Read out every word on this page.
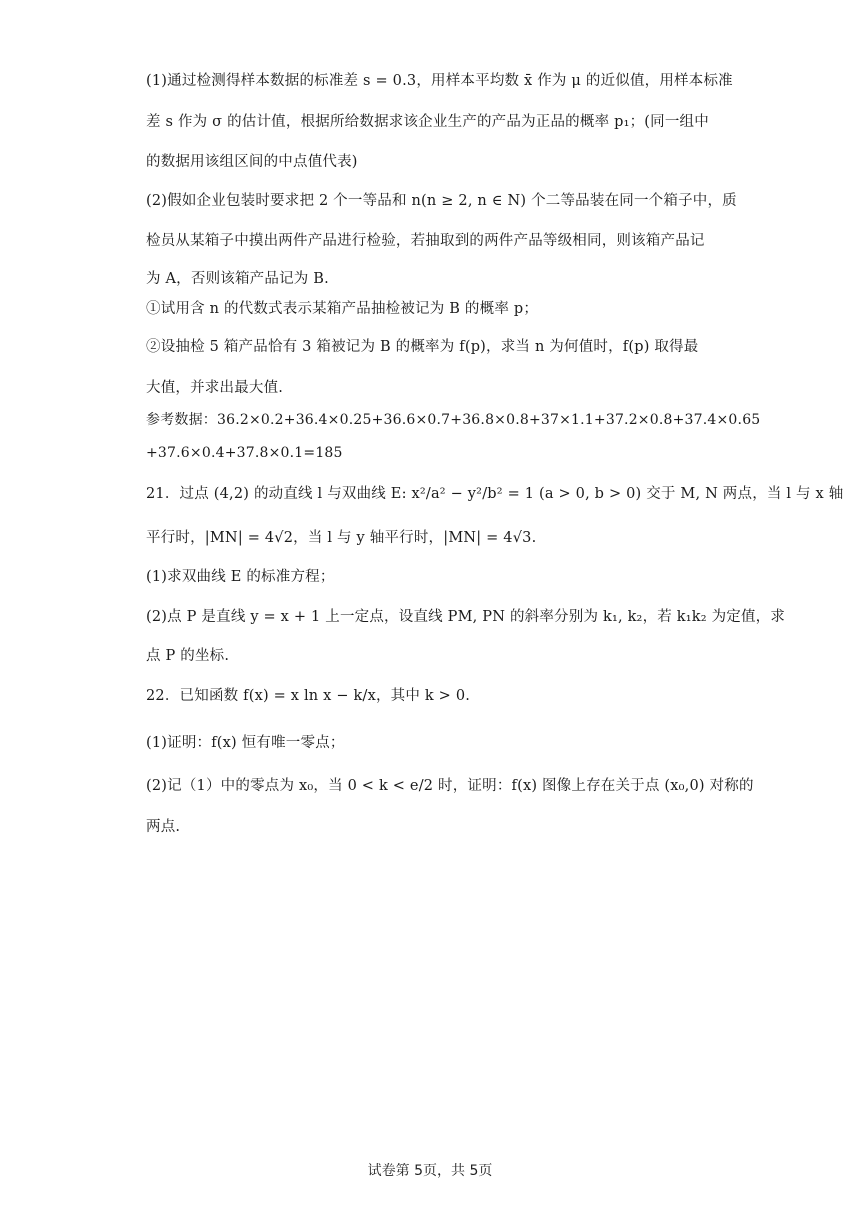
(1)通过检测得样本数据的标准差 s = 0.3，用样本平均数 x̄ 作为 μ 的近似值，用样本标准
差 s 作为 σ 的估计值，根据所给数据求该企业生产的产品为正品的概率 p₁；(同一组中
的数据用该组区间的中点值代表)
(2)假如企业包装时要求把 2 个一等品和 n(n ≥ 2, n ∈ N) 个二等品装在同一个箱子中，质
检员从某箱子中摸出两件产品进行检验，若抽取到的两件产品等级相同，则该箱产品记
为 A，否则该箱产品记为 B.
①试用含 n 的代数式表示某箱产品抽检被记为 B 的概率 p；
②设抽检 5 箱产品恰有 3 箱被记为 B 的概率为 f(p)，求当 n 为何值时，f(p) 取得最
大值，并求出最大值.
参考数据：36.2×0.2+36.4×0.25+36.6×0.7+36.8×0.8+37×1.1+37.2×0.8+37.4×0.65
+37.6×0.4+37.8×0.1=185
21．过点 (4,2) 的动直线 l 与双曲线 E: x²/a² − y²/b² = 1 (a > 0, b > 0) 交于 M, N 两点，当 l 与 x 轴
平行时，|MN| = 4√2，当 l 与 y 轴平行时，|MN| = 4√3.
(1)求双曲线 E 的标准方程；
(2)点 P 是直线 y = x + 1 上一定点，设直线 PM, PN 的斜率分别为 k₁, k₂，若 k₁k₂ 为定值，求
点 P 的坐标.
22．已知函数 f(x) = x ln x − k/x，其中 k > 0.
(1)证明：f(x) 恒有唯一零点；
(2)记（1）中的零点为 x₀，当 0 < k < e/2 时，证明：f(x) 图像上存在关于点 (x₀,0) 对称的
两点.
试卷第 5页，共 5页
